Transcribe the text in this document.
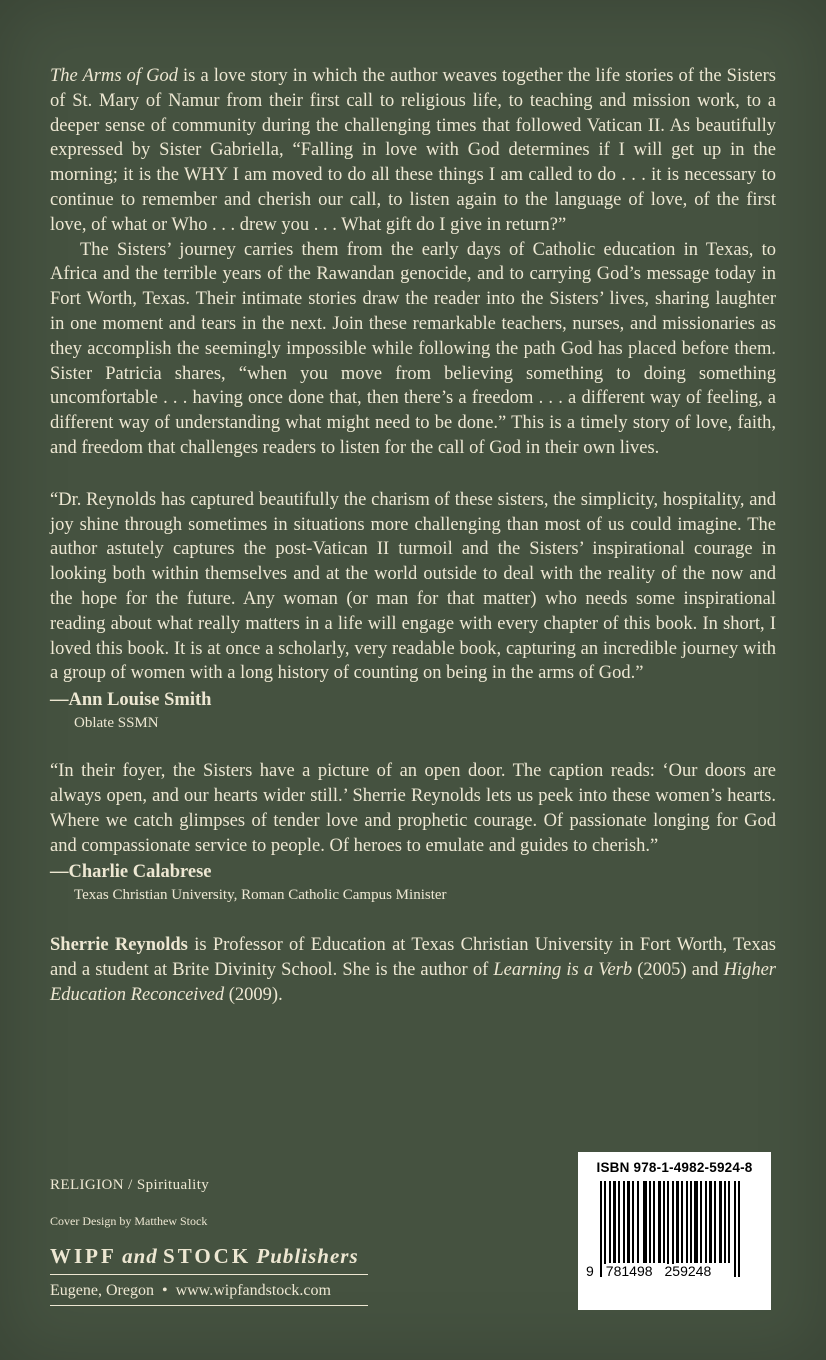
The Arms of God is a love story in which the author weaves together the life stories of the Sisters of St. Mary of Namur from their first call to religious life, to teaching and mission work, to a deeper sense of community during the challenging times that followed Vatican II. As beautifully expressed by Sister Gabriella, “Falling in love with God determines if I will get up in the morning; it is the WHY I am moved to do all these things I am called to do . . . it is necessary to continue to remember and cherish our call, to listen again to the language of love, of the first love, of what or Who . . . drew you . . . What gift do I give in return?”

The Sisters’ journey carries them from the early days of Catholic education in Texas, to Africa and the terrible years of the Rawandan genocide, and to carrying God’s message today in Fort Worth, Texas. Their intimate stories draw the reader into the Sisters’ lives, sharing laughter in one moment and tears in the next. Join these remarkable teachers, nurses, and missionaries as they accomplish the seemingly impossible while following the path God has placed before them. Sister Patricia shares, “when you move from believing something to doing something uncomfortable . . . having once done that, then there’s a freedom . . . a different way of feeling, a different way of understanding what might need to be done.” This is a timely story of love, faith, and freedom that challenges readers to listen for the call of God in their own lives.

“Dr. Reynolds has captured beautifully the charism of these sisters, the simplicity, hospitality, and joy shine through sometimes in situations more challenging than most of us could imagine. The author astutely captures the post-Vatican II turmoil and the Sisters’ inspirational courage in looking both within themselves and at the world outside to deal with the reality of the now and the hope for the future. Any woman (or man for that matter) who needs some inspirational reading about what really matters in a life will engage with every chapter of this book. In short, I loved this book. It is at once a scholarly, very readable book, capturing an incredible journey with a group of women with a long history of counting on being in the arms of God.”

—Ann Louise Smith

Oblate SSMN

“In their foyer, the Sisters have a picture of an open door. The caption reads: ‘Our doors are always open, and our hearts wider still.’ Sherrie Reynolds lets us peek into these women’s hearts. Where we catch glimpses of tender love and prophetic courage. Of passionate longing for God and compassionate service to people. Of heroes to emulate and guides to cherish.”

—Charlie Calabrese

Texas Christian University, Roman Catholic Campus Minister

Sherrie Reynolds is Professor of Education at Texas Christian University in Fort Worth, Texas and a student at Brite Divinity School. She is the author of Learning is a Verb (2005) and Higher Education Reconceived (2009).

RELIGION / Spirituality

Cover Design by Matthew Stock

WIPF and STOCK Publishers

Eugene, Oregon  •  www.wipfandstock.com

ISBN 978-1-4982-5924-8
9 781498 259248
